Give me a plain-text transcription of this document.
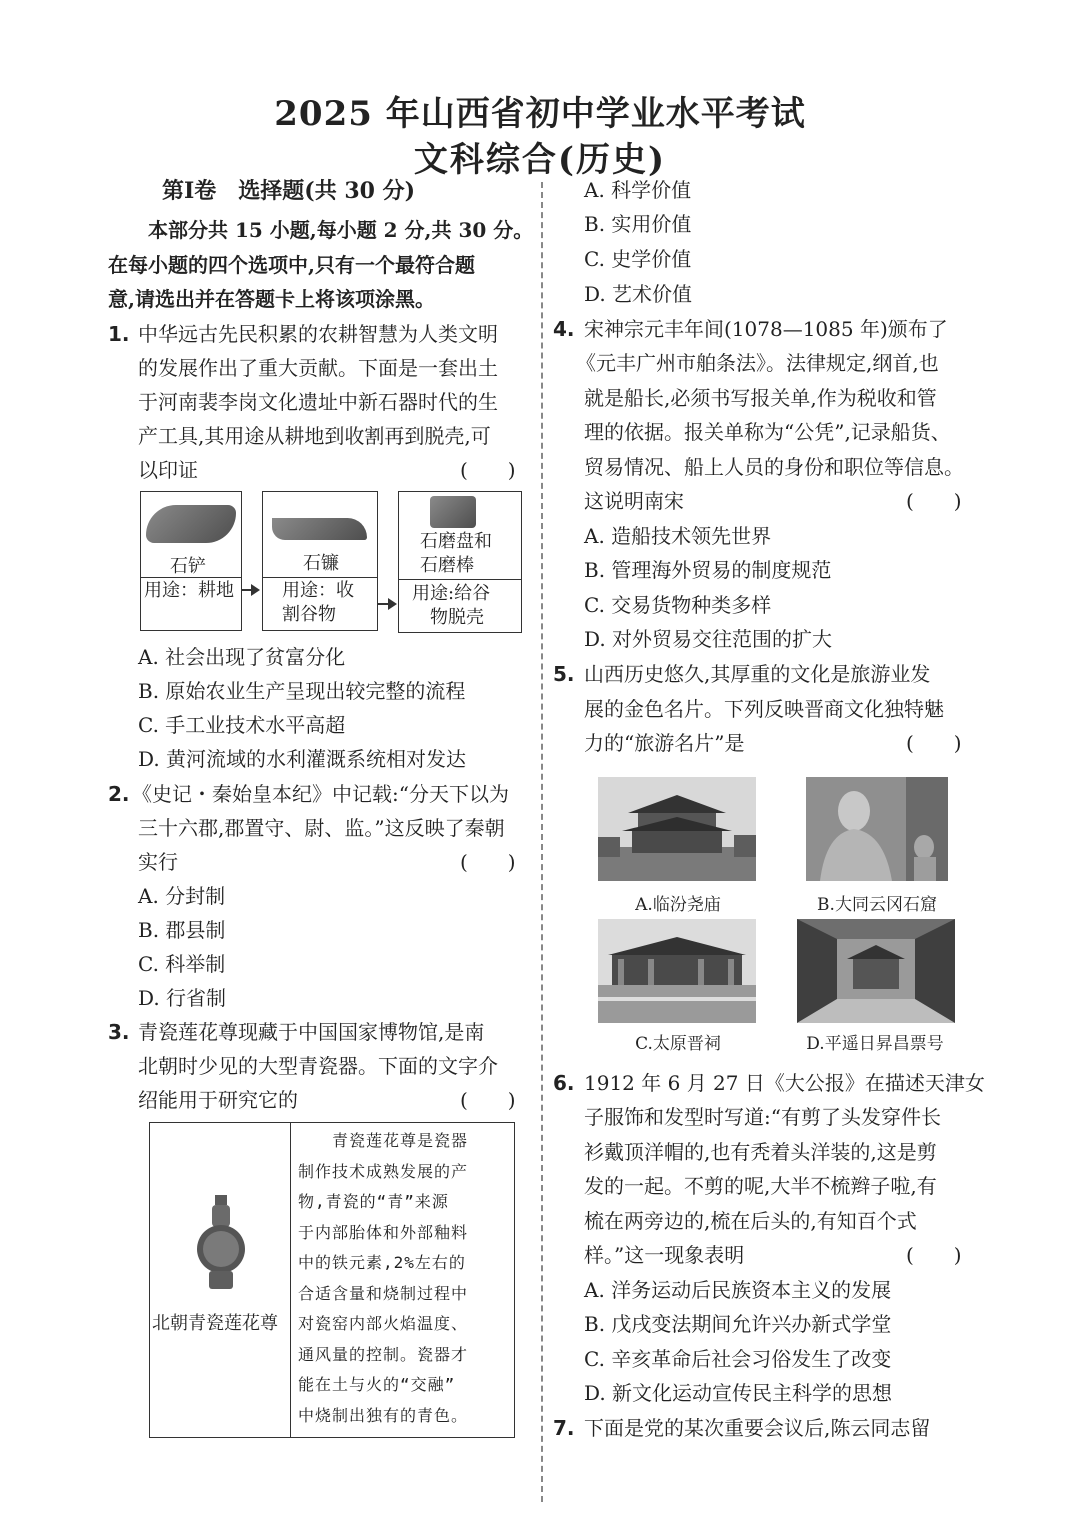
2025 年山西省初中学业水平考试
文科综合(历史)
第Ⅰ卷　选择题(共 30 分)
本部分共 15 小题,每小题 2 分,共 30 分。
在每小题的四个选项中,只有一个最符合题
意,请选出并在答题卡上将该项涂黑。
1. 中华远古先民积累的农耕智慧为人类文明
的发展作出了重大贡献。下面是一套出土
于河南裴李岗文化遗址中新石器时代的生
产工具,其用途从耕地到收割再到脱壳,可
以印证	(　　)
石铲
用途：耕地
石镰
用途：收
割谷物
石磨盘和
石磨棒
用途:给谷
物脱壳
A. 社会出现了贫富分化
B. 原始农业生产呈现出较完整的流程
C. 手工业技术水平高超
D. 黄河流域的水利灌溉系统相对发达
2. 《史记・秦始皇本纪》中记载:“分天下以为
三十六郡,郡置守、尉、监。”这反映了秦朝
实行	(　　)
A. 分封制
B. 郡县制
C. 科举制
D. 行省制
3. 青瓷莲花尊现藏于中国国家博物馆,是南
北朝时少见的大型青瓷器。下面的文字介
绍能用于研究它的	(　　)
北朝青瓷莲花尊
　　青瓷莲花尊是瓷器
制作技术成熟发展的产
物,青瓷的“青”来源
于内部胎体和外部釉料
中的铁元素,2%左右的
合适含量和烧制过程中
对瓷窑内部火焰温度、
通风量的控制。瓷器才
能在土与火的“交融”
中烧制出独有的青色。
A. 科学价值
B. 实用价值
C. 史学价值
D. 艺术价值
4. 宋神宗元丰年间(1078—1085 年)颁布了
《元丰广州市舶条法》。法律规定,纲首,也
就是船长,必须书写报关单,作为税收和管
理的依据。报关单称为“公凭”,记录船货、
贸易情况、船上人员的身份和职位等信息。
这说明南宋	(　　)
A. 造船技术领先世界
B. 管理海外贸易的制度规范
C. 交易货物种类多样
D. 对外贸易交往范围的扩大
5. 山西历史悠久,其厚重的文化是旅游业发
展的金色名片。下列反映晋商文化独特魅
力的“旅游名片”是	(　　)
A.临汾尧庙	B.大同云冈石窟
C.太原晋祠	D.平遥日昇昌票号
6. 1912 年 6 月 27 日《大公报》在描述天津女
子服饰和发型时写道:“有剪了头发穿件长
衫戴顶洋帽的,也有秃着头洋装的,这是剪
发的一起。不剪的呢,大半不梳辫子啦,有
梳在两旁边的,梳在后头的,有知百个式
样。”这一现象表明	(　　)
A. 洋务运动后民族资本主义的发展
B. 戊戌变法期间允许兴办新式学堂
C. 辛亥革命后社会习俗发生了改变
D. 新文化运动宣传民主科学的思想
7. 下面是党的某次重要会议后,陈云同志留
